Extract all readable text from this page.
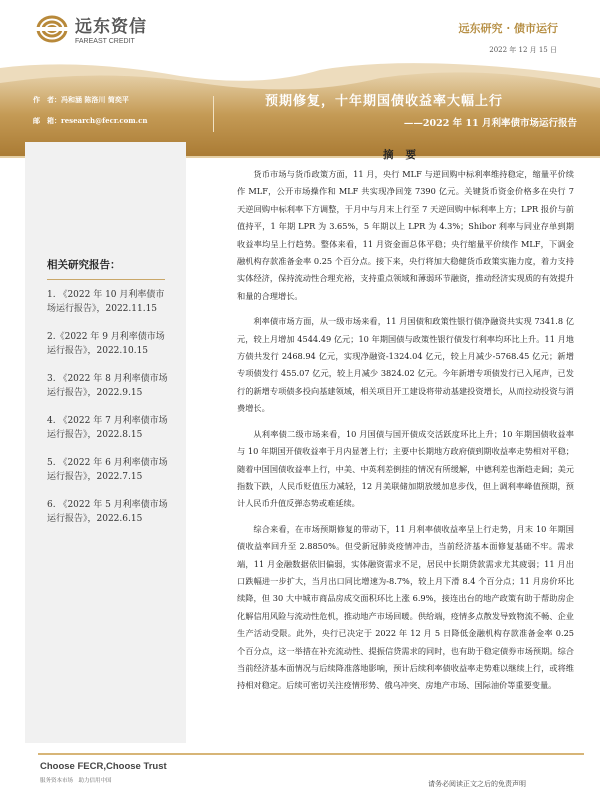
远东资信
FAREAST CREDIT
远东研究 · 债市运行
2022 年 12 月 15 日
作　者：冯和涵 陈洛川 简奕平
邮　箱：research@fecr.com.cn
预期修复，十年期国债收益率大幅上行
——2022 年 11 月利率债市场运行报告
相关研究报告：
1. 《2022 年 10 月利率债市场运行报告》，2022.11.15
2.《2022 年 9 月利率债市场运行报告》，2022.10.15
3. 《2022 年 8 月利率债市场运行报告》，2022.9.15
4. 《2022 年 7 月利率债市场运行报告》，2022.8.15
5. 《2022 年 6 月利率债市场运行报告》，2022.7.15
6. 《2022 年 5 月利率债市场运行报告》，2022.6.15
摘要

货币市场与货币政策方面，11 月，央行 MLF 与逆回购中标利率维持稳定，缩量平价续作 MLF，公开市场操作和 MLF 共实现净回笼 7390 亿元。关键货币资金价格多在央行 7 天逆回购中标利率下方调整，于月中与月末上行至 7 天逆回购中标利率上方；LPR 报价与前值持平，1 年期 LPR 为 3.65%，5 年期以上 LPR 为 4.3%；Shibor 利率与同业存单到期收益率均呈上行趋势。整体来看，11 月资金面总体平稳；央行缩量平价续作 MLF，下调金融机构存款准备金率 0.25 个百分点。接下来，央行将加大稳健货币政策实施力度，着力支持实体经济，保持流动性合理充裕，支持重点领域和薄弱环节融资，推动经济实现质的有效提升和量的合理增长。

利率债市场方面，从一级市场来看，11 月国债和政策性银行债净融资共实现 7341.8 亿元，较上月增加 4544.49 亿元；10 年期国债与政策性银行债发行利率均环比上升。11 月地方债共发行 2468.94 亿元，实现净融资-1324.04 亿元，较上月减少-5768.45 亿元；新增专项债发行 455.07 亿元，较上月减少 3824.02 亿元。今年新增专项债发行已入尾声，已发行的新增专项债多投向基建领域，相关项目开工建设将带动基建投资增长，从而拉动投资与消费增长。

从利率债二级市场来看，10 月国债与国开债成交活跃度环比上升；10 年期国债收益率与 10 年期国开债收益率于月内显著上行；主要中长期地方政府债到期收益率走势相对平稳；随着中国国债收益率上行，中美、中英利差倒挂的情况有所缓解，中德利差也渐趋走阔；美元指数下跌，人民币贬值压力减轻，12 月美联储加期放缓加息步伐，但上调利率峰值预期，预计人民币升值反弹态势或难延续。

综合来看，在市场预期修复的带动下，11 月利率债收益率呈上行走势，月末 10 年期国债收益率回升至 2.8850%。但受新冠肺炎疫情冲击，当前经济基本面修复基础不牢。需求端，11 月金融数据依旧偏弱，实体融资需求不足，居民中长期贷款需求尤其疲弱；11 月出口跌幅进一步扩大，当月出口同比增速为-8.7%，较上月下滑 8.4 个百分点；11 月房价环比续降，但 30 大中城市商品房成交面积环比上涨 6.9%，接连出台的地产政策有助于帮助房企化解信用风险与流动性危机，推动地产市场回暖。供给端，疫情多点散发导致物流不畅、企业生产活动受限。此外，央行已决定于 2022 年 12 月 5 日降低金融机构存款准备金率 0.25 个百分点，这一举措在补充流动性、提振信贷需求的同时，也有助于稳定债券市场预期。综合当前经济基本面情况与后续降准落地影响，预计后续利率债收益率走势难以继续上行，或将维持相对稳定。后续可密切关注疫情形势、俄乌冲突、房地产市场、国际油价等重要变量。

Choose FECR,Choose Trust
服务资本市场　助力信用中国	请务必阅读正文之后的免责声明
